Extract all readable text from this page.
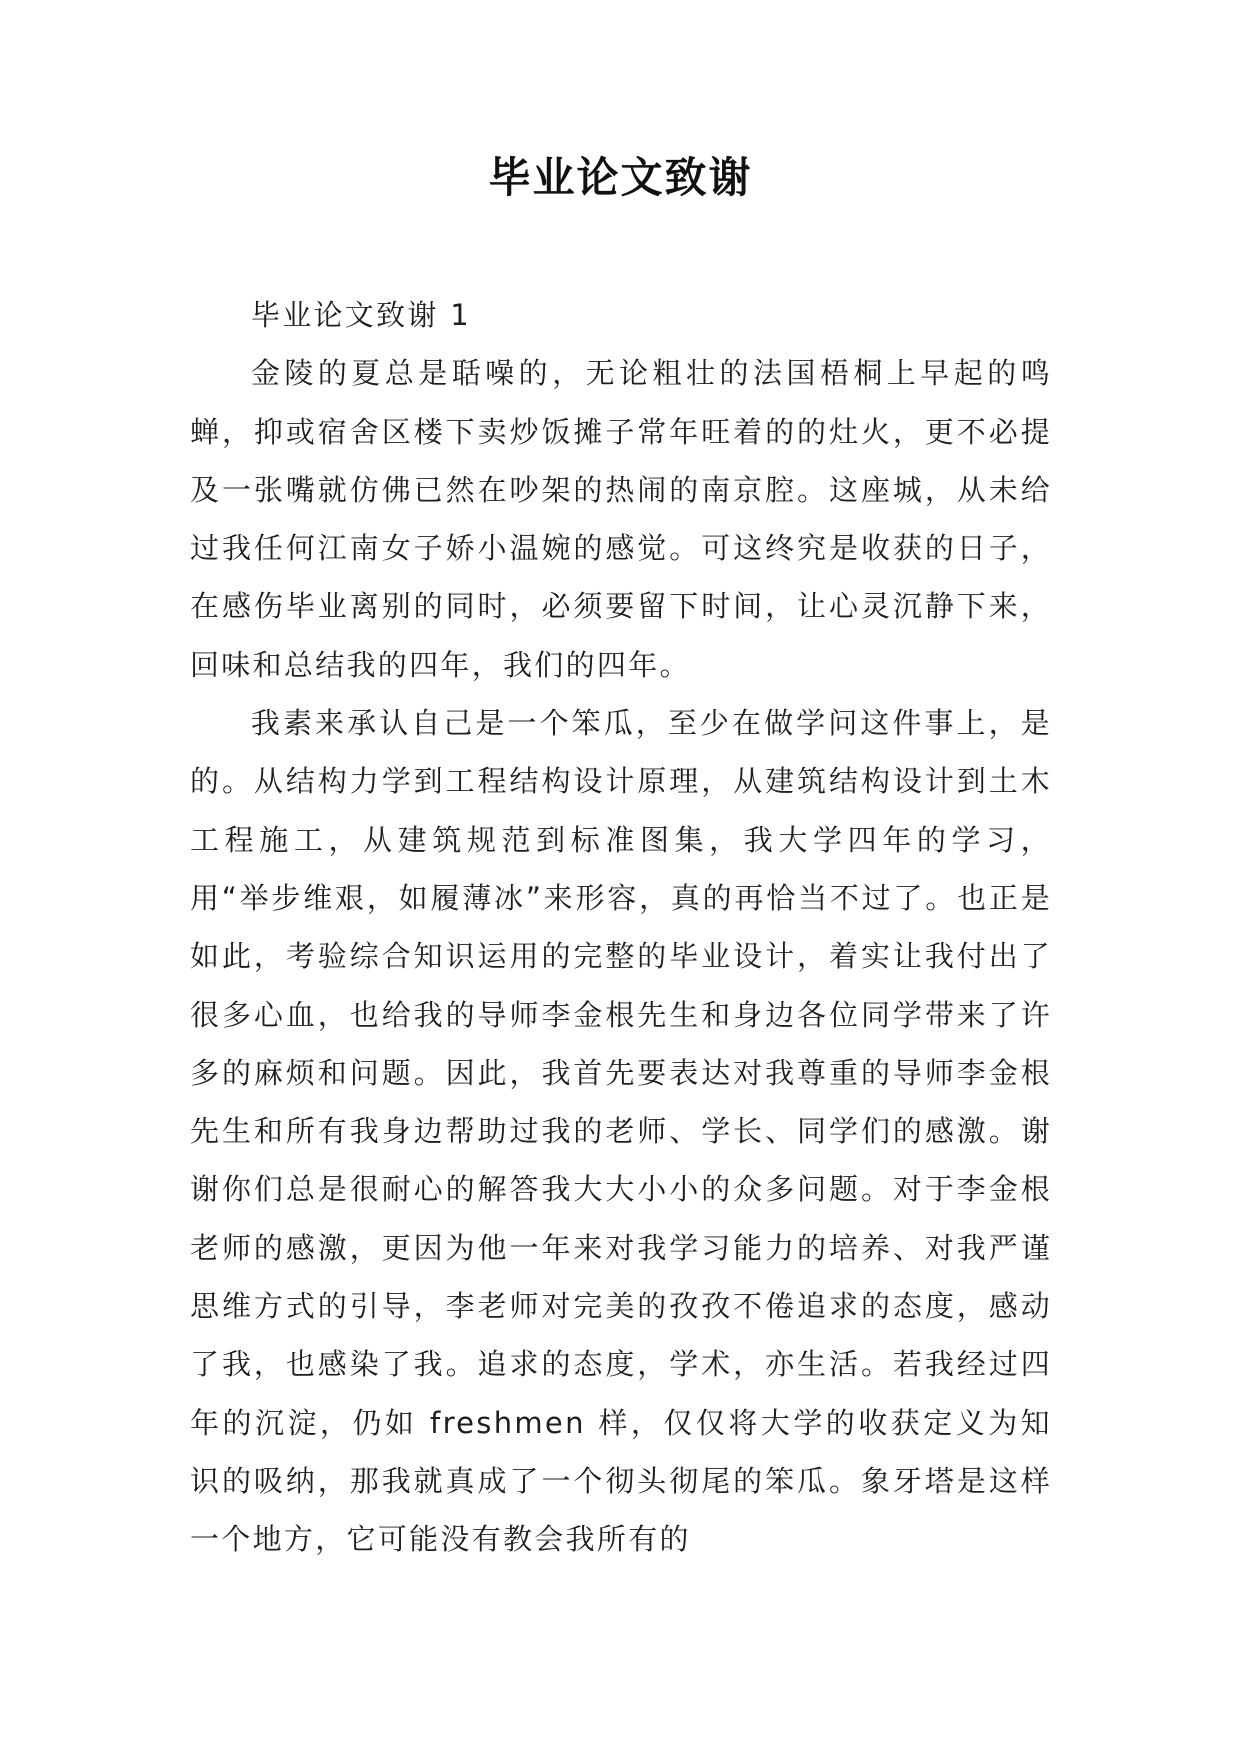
毕业论文致谢

毕业论文致谢 1

金陵的夏总是聒噪的，无论粗壮的法国梧桐上早起的鸣蝉，抑或宿舍区楼下卖炒饭摊子常年旺着的的灶火，更不必提及一张嘴就仿佛已然在吵架的热闹的南京腔。这座城，从未给过我任何江南女子娇小温婉的感觉。可这终究是收获的日子，在感伤毕业离别的同时，必须要留下时间，让心灵沉静下来，回味和总结我的四年，我们的四年。

我素来承认自己是一个笨瓜，至少在做学问这件事上，是的。从结构力学到工程结构设计原理，从建筑结构设计到土木工程施工，从建筑规范到标准图集，我大学四年的学习，用“举步维艰，如履薄冰”来形容，真的再恰当不过了。也正是如此，考验综合知识运用的完整的毕业设计，着实让我付出了很多心血，也给我的导师李金根先生和身边各位同学带来了许多的麻烦和问题。因此，我首先要表达对我尊重的导师李金根先生和所有我身边帮助过我的老师、学长、同学们的感激。谢谢你们总是很耐心的解答我大大小小的众多问题。对于李金根老师的感激，更因为他一年来对我学习能力的培养、对我严谨思维方式的引导，李老师对完美的孜孜不倦追求的态度，感动了我，也感染了我。追求的态度，学术，亦生活。若我经过四年的沉淀，仍如 freshmen 样，仅仅将大学的收获定义为知识的吸纳，那我就真成了一个彻头彻尾的笨瓜。象牙塔是这样一个地方，它可能没有教会我所有的
